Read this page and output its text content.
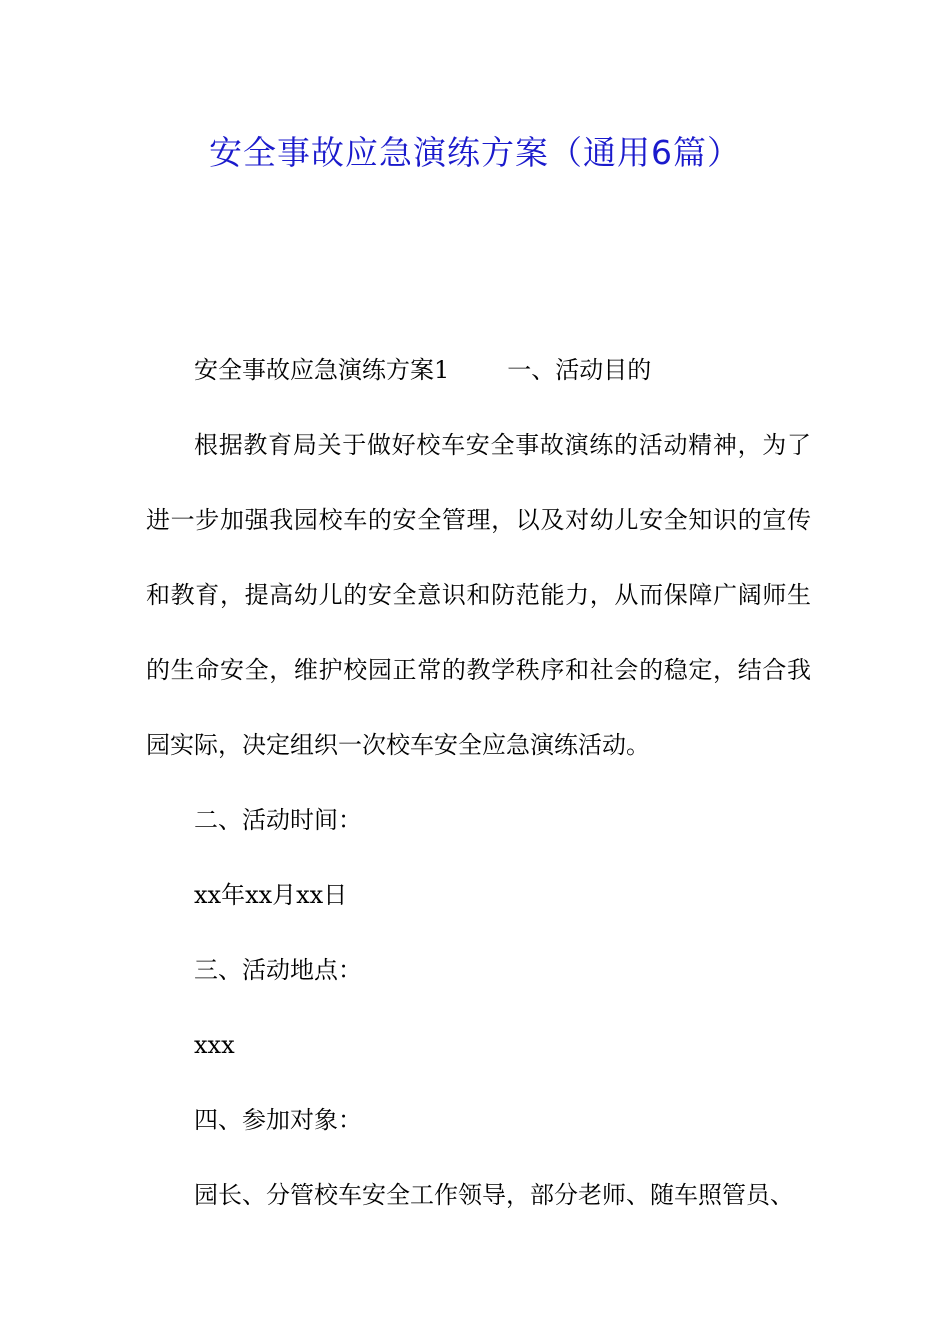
安全事故应急演练方案（通用6篇）

安全事故应急演练方案1 一、活动目的

根据教育局关于做好校车安全事故演练的活动精神，为了进一步加强我园校车的安全管理，以及对幼儿安全知识的宣传和教育，提高幼儿的安全意识和防范能力，从而保障广阔师生的生命安全，维护校园正常的教学秩序和社会的稳定，结合我园实际，决定组织一次校车安全应急演练活动。

二、活动时间：

xx年xx月xx日

三、活动地点：

xxx

四、参加对象：

园长、分管校车安全工作领导，部分老师、随车照管员、
